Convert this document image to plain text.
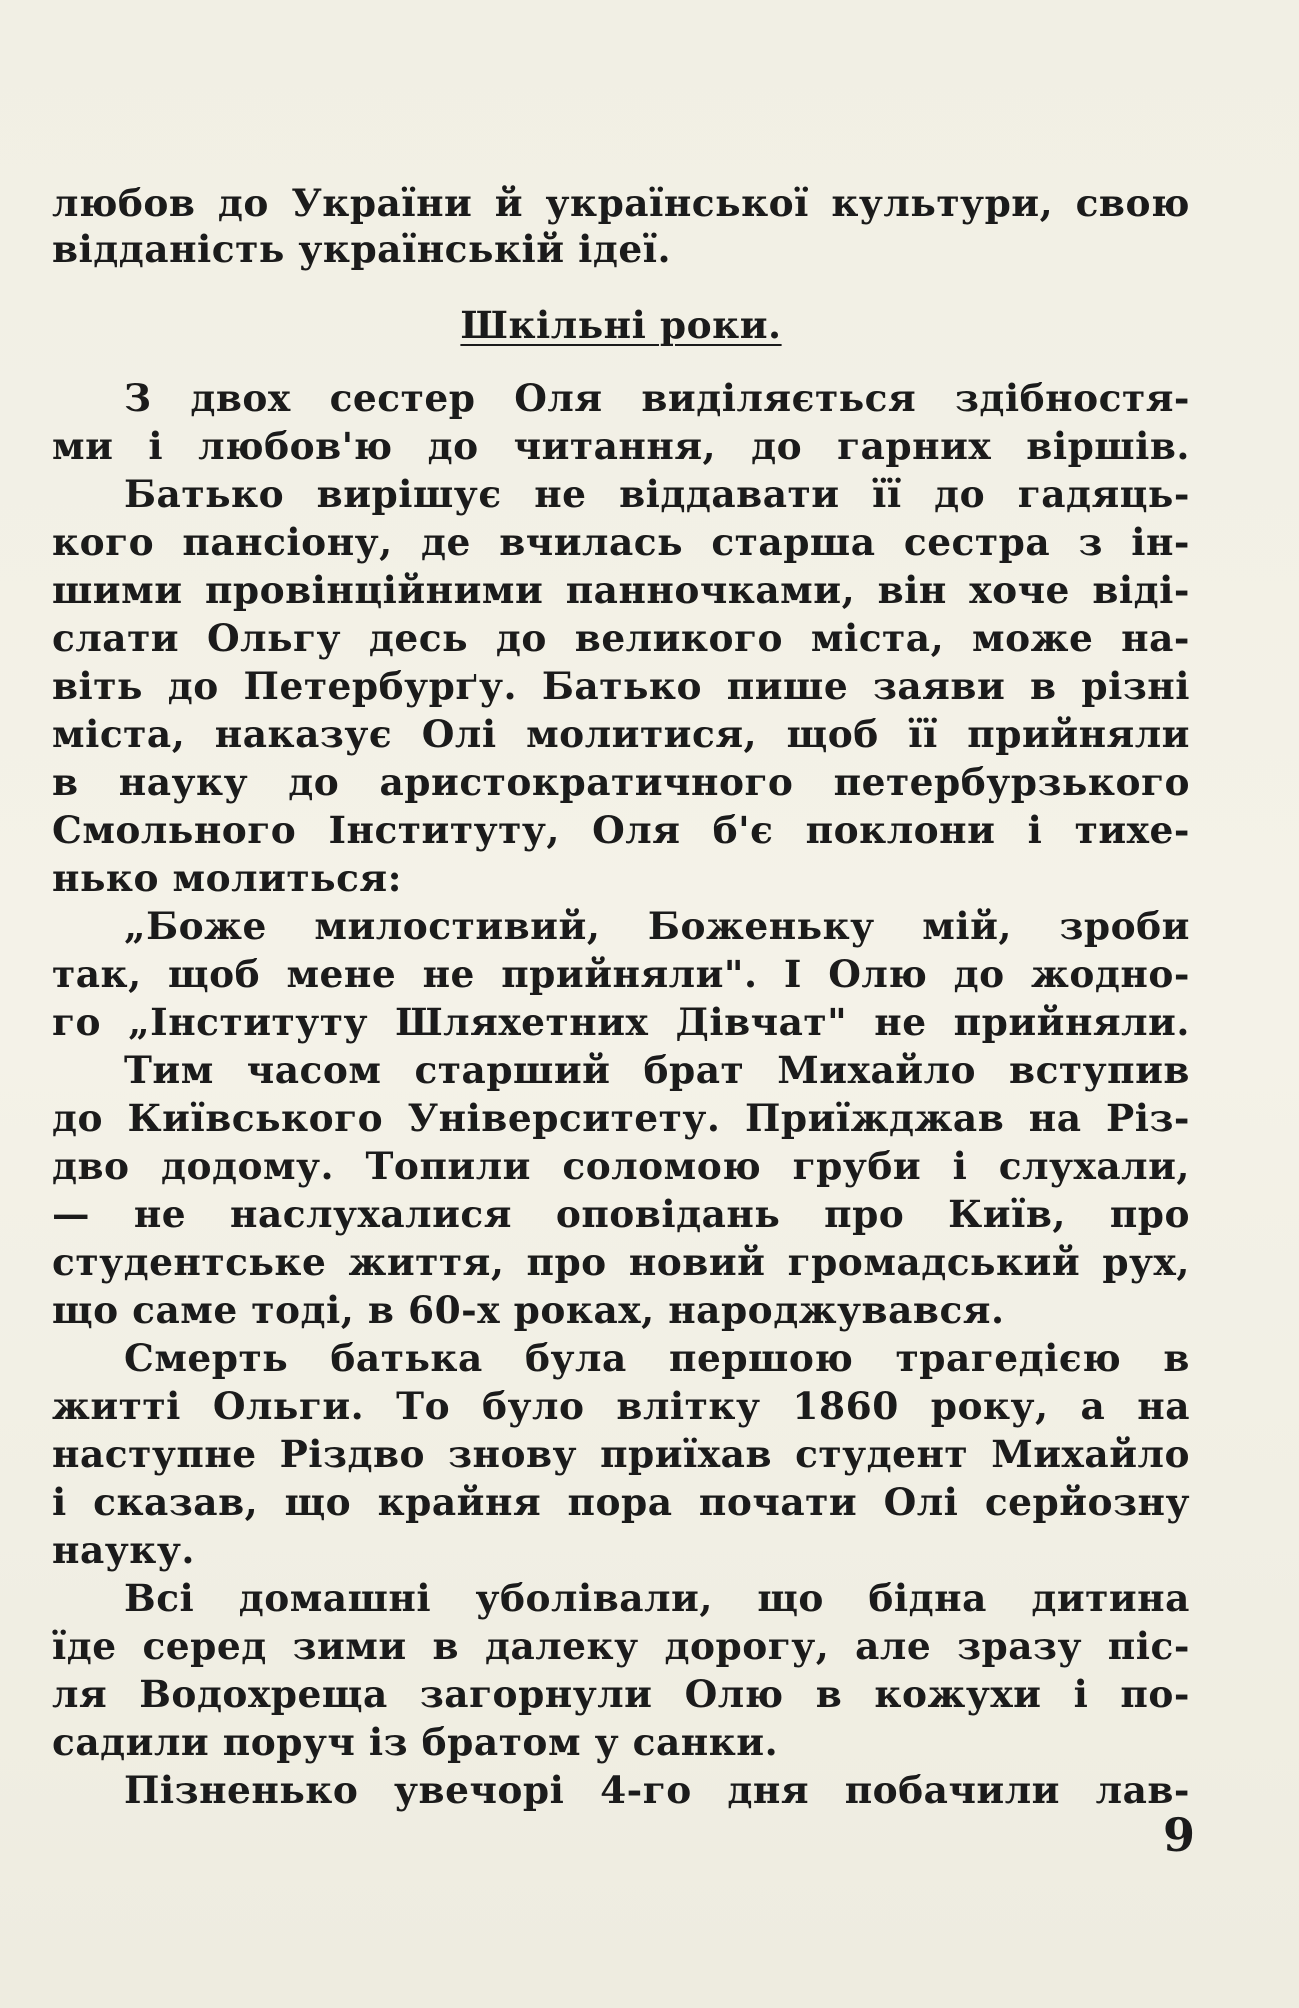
любов до України й української культури, свою
відданість українській ідеї.
Шкільні роки.
З двох сестер Оля виділяється здібностя-
ми і любов'ю до читання, до гарних віршів.
Батько вирішує не віддавати її до гадяць-
кого пансіону, де вчилась старша сестра з ін-
шими провінційними панночками, він хоче віді-
слати Ольгу десь до великого міста, може на-
віть до Петербурґу. Батько пише заяви в різні
міста, наказує Олі молитися, щоб її прийняли
в науку до аристократичного петербурзького
Смольного Інституту, Оля б'є поклони і тихе-
нько молиться:
„Боже милостивий, Боженьку мій, зроби
так, щоб мене не прийняли". І Олю до жодно-
го „Інституту Шляхетних Дівчат" не прийняли.
Тим часом старший брат Михайло вступив
до Київського Університету. Приїжджав на Різ-
дво додому. Топили соломою груби і слухали,
— не наслухалися оповідань про Київ, про
студентське життя, про новий громадський рух,
що саме тоді, в 60-х роках, народжувався.
Смерть батька була першою трагедією в
житті Ольги. То було влітку 1860 року, а на
наступне Різдво знову приїхав студент Михайло
і сказав, що крайня пора почати Олі серйозну
науку.
Всі домашні уболівали, що бідна дитина
їде серед зими в далеку дорогу, але зразу піс-
ля Водохреща загорнули Олю в кожухи і по-
садили поруч із братом у санки.
Пізненько увечорі 4-го дня побачили лав-
9
